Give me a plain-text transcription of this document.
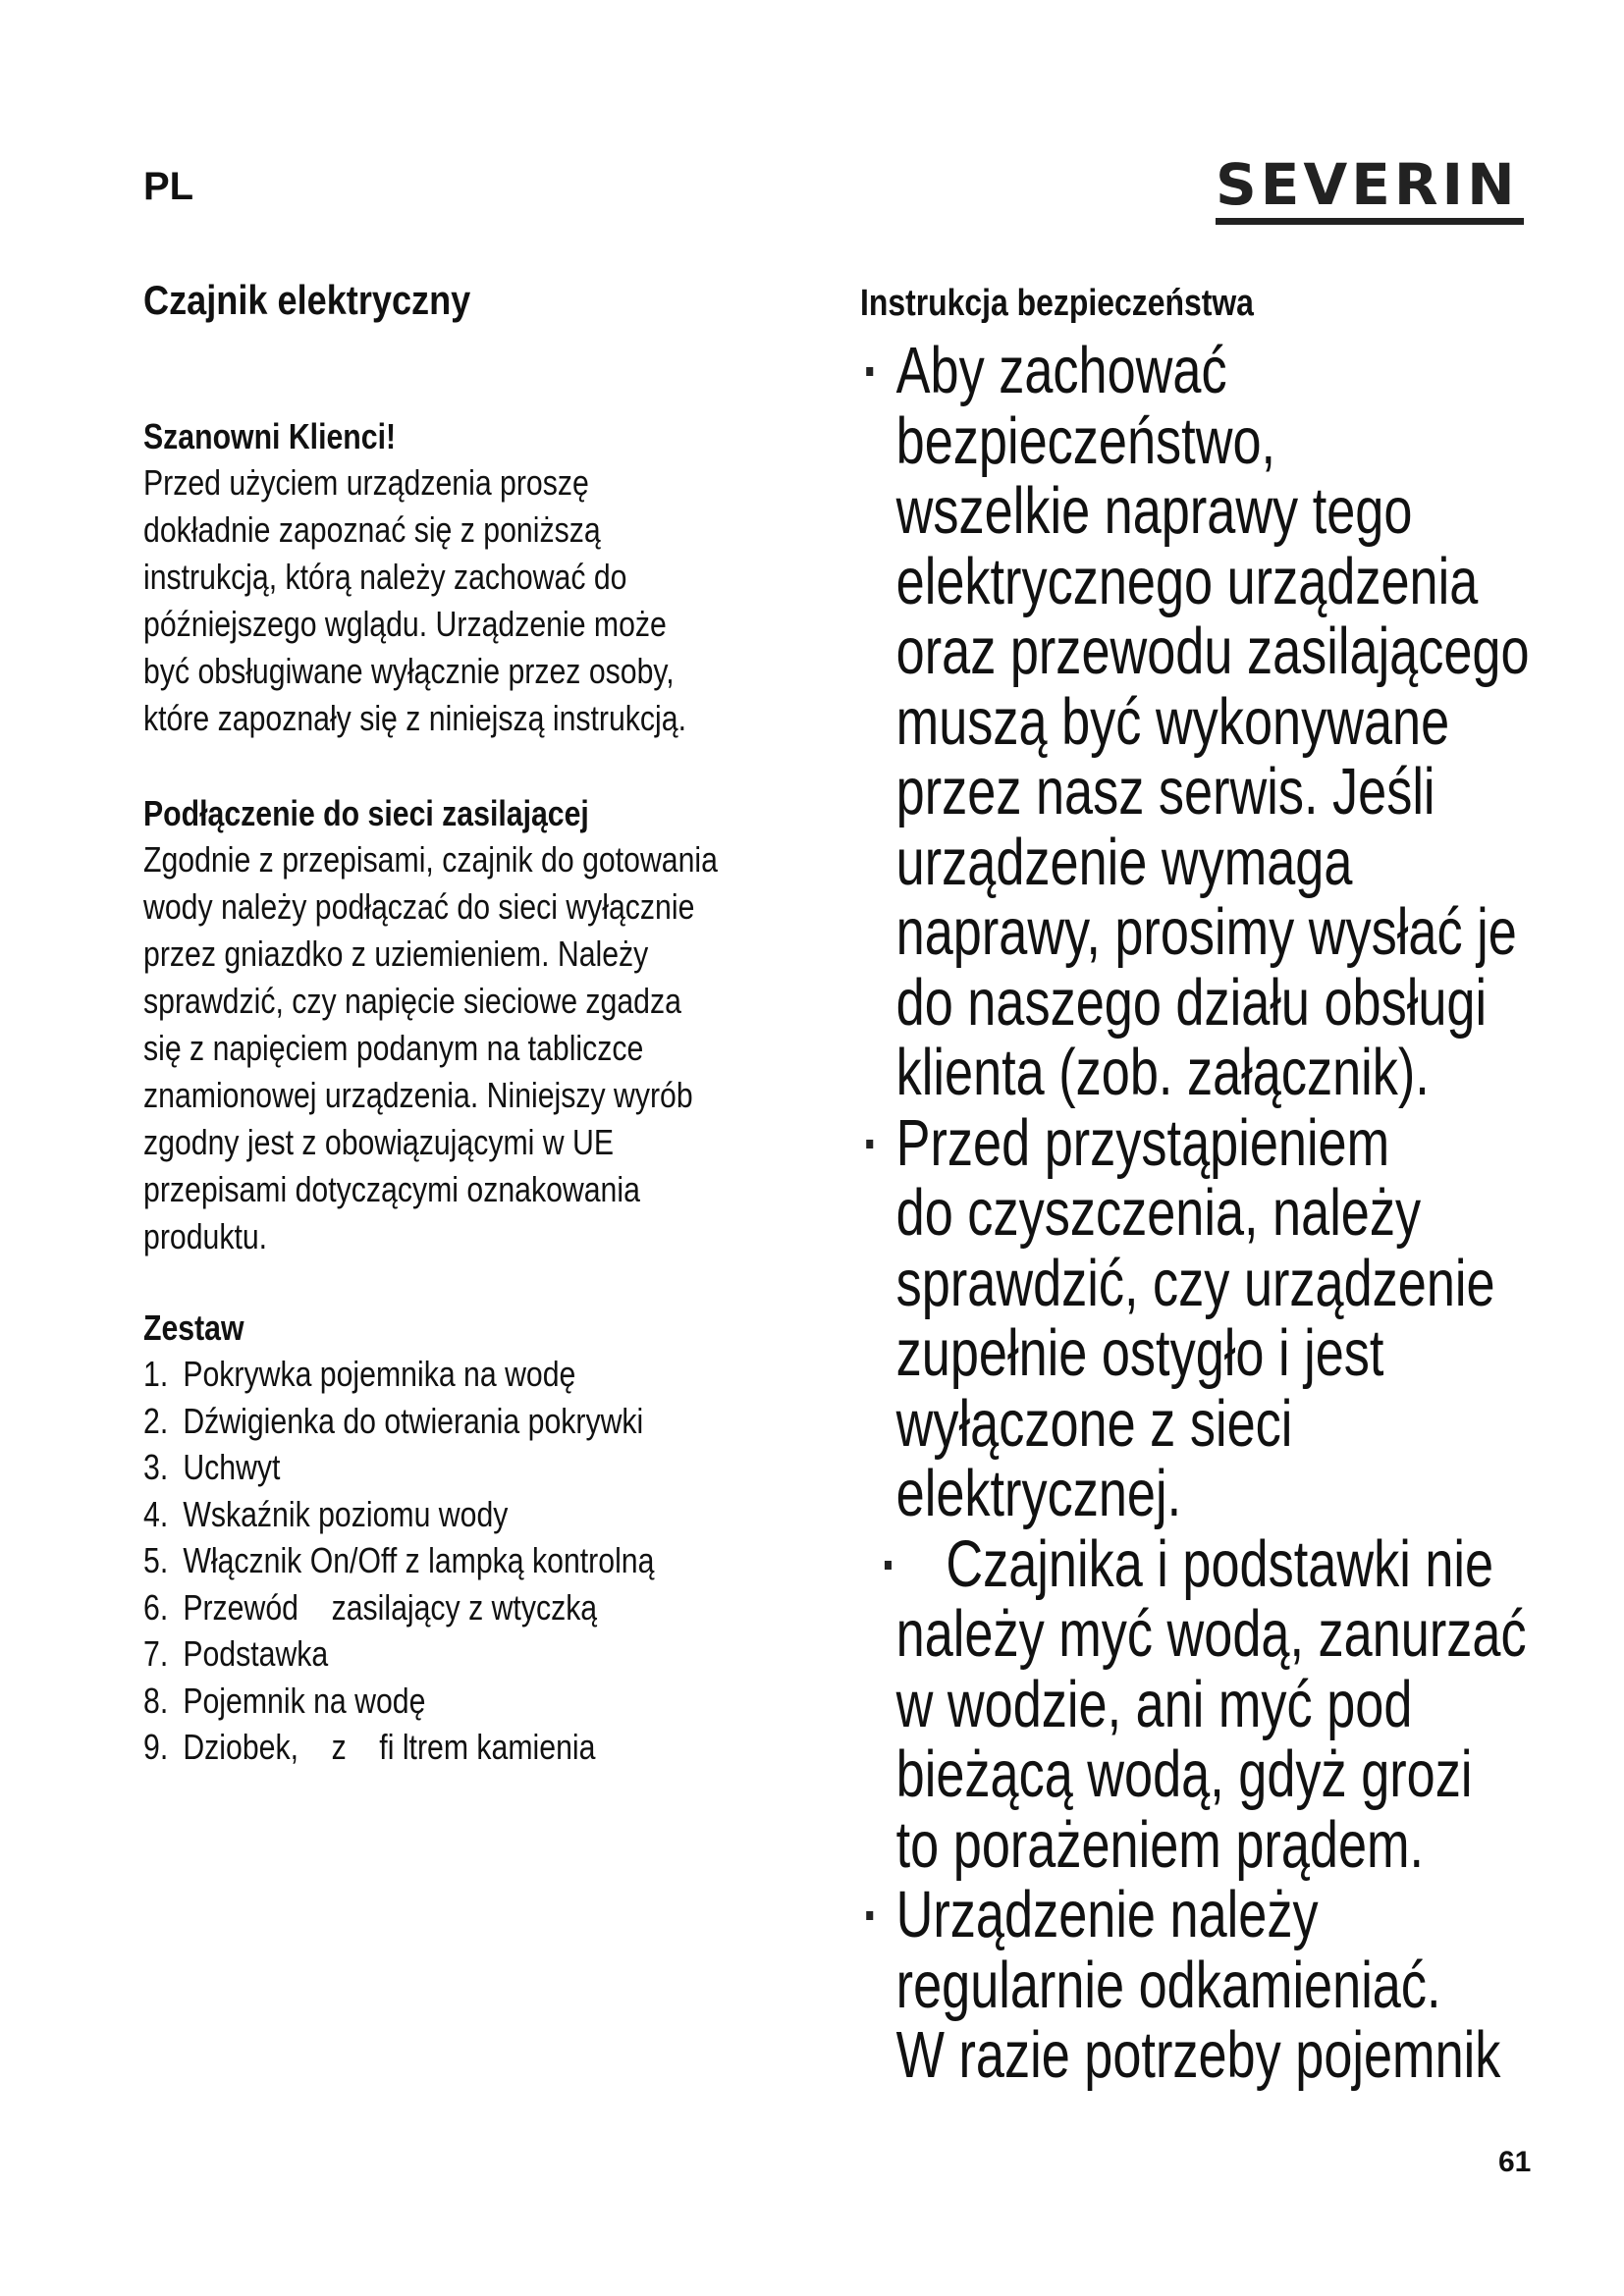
PL	SEVERIN
Czajnik elektryczny
Szanowni Klienci!
Przed użyciem urządzenia proszę
dokładnie zapoznać się z poniższą
instrukcją, którą należy zachować do
późniejszego wglądu. Urządzenie może
być obsługiwane wyłącznie przez osoby,
które zapoznały się z niniejszą instrukcją.
Podłączenie do sieci zasilającej
Zgodnie z przepisami, czajnik do gotowania
wody należy podłączać do sieci wyłącznie
przez gniazdko z uziemieniem. Należy
sprawdzić, czy napięcie sieciowe zgadza
się z napięciem podanym na tabliczce
znamionowej urządzenia. Niniejszy wyrób
zgodny jest z obowiązującymi w UE
przepisami dotyczącymi oznakowania
produktu.
Zestaw
1. Pokrywka pojemnika na wodę
2. Dźwigienka do otwierania pokrywki
3. Uchwyt
4. Wskaźnik poziomu wody
5. Włącznik On/Off z lampką kontrolną
6. Przewód    zasilający z wtyczką
7. Podstawka
8. Pojemnik na wodę
9. Dziobek,    z    fi ltrem kamienia
Instrukcja bezpieczeństwa
Aby zachować
bezpieczeństwo,
wszelkie naprawy tego
elektrycznego urządzenia
oraz przewodu zasilającego
muszą być wykonywane
przez nasz serwis. Jeśli
urządzenie wymaga
naprawy, prosimy wysłać je
do naszego działu obsługi
klienta (zob. załącznik).
Przed przystąpieniem
do czyszczenia, należy
sprawdzić, czy urządzenie
zupełnie ostygło i jest
wyłączone z sieci
elektrycznej.
Czajnika i podstawki nie
należy myć wodą, zanurzać
w wodzie, ani myć pod
bieżącą wodą, gdyż grozi
to porażeniem prądem.
Urządzenie należy
regularnie odkamieniać.
W razie potrzeby pojemnik
61
